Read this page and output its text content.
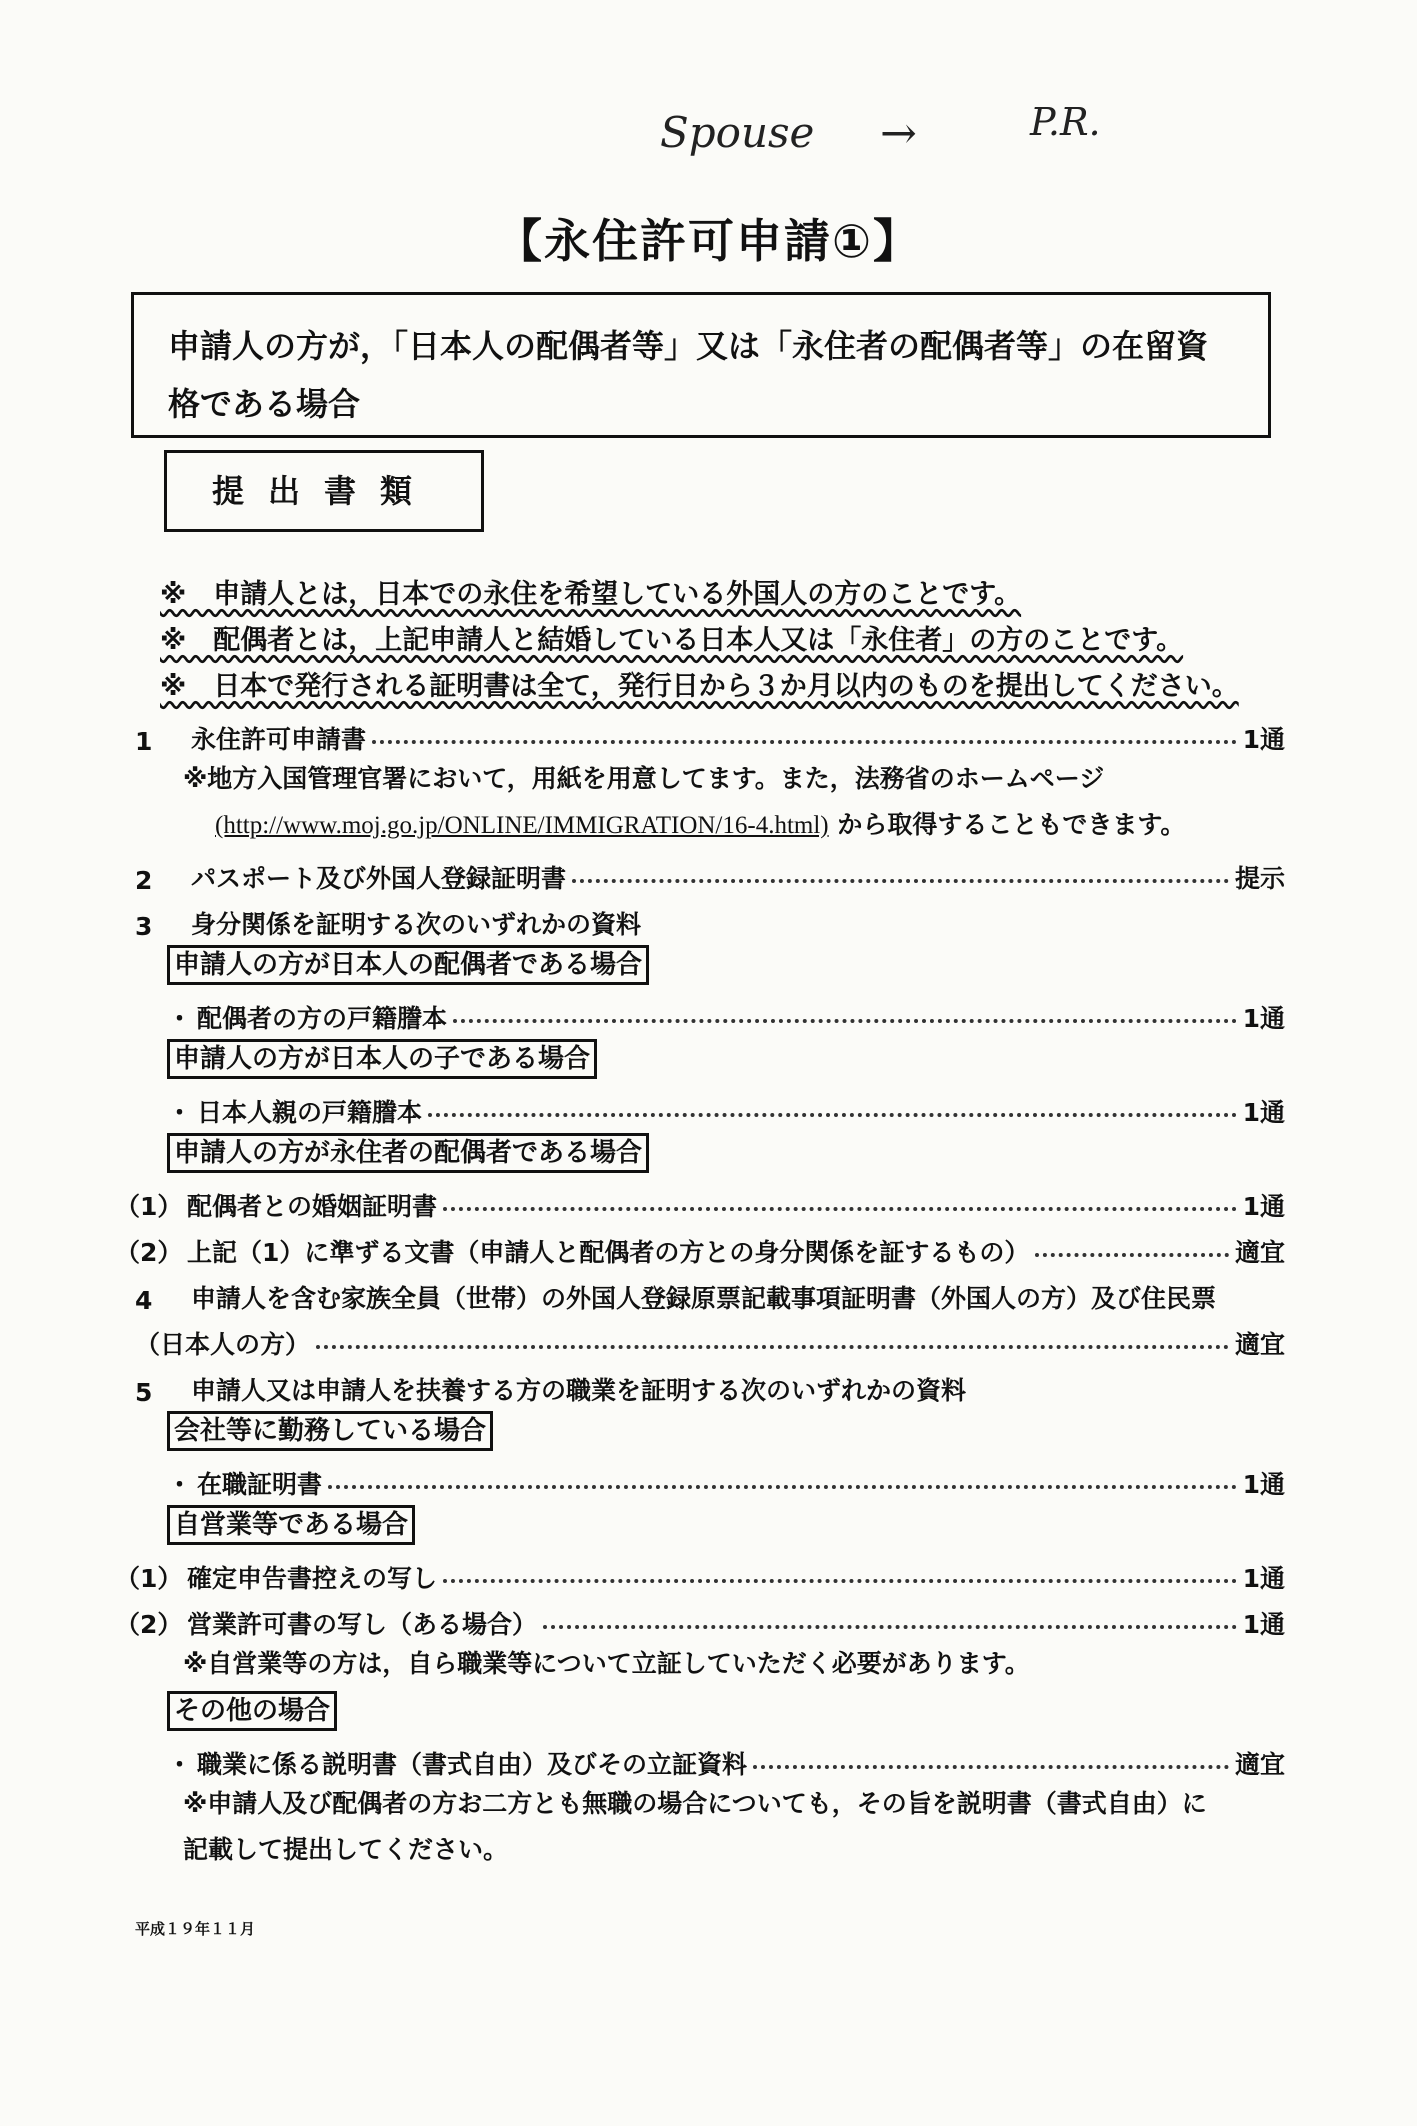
Spouse →	P.R.
【永住許可申請①】
申請人の方が，「日本人の配偶者等」又は「永住者の配偶者等」の在留資格である場合
提出書類
※　申請人とは，日本での永住を希望している外国人の方のことです。
※　配偶者とは，上記申請人と結婚している日本人又は「永住者」の方のことです。
※　日本で発行される証明書は全て，発行日から３か月以内のものを提出してください。
1	永住許可申請書	1通
※地方入国管理官署において，用紙を用意してます。また，法務省のホームページ
(http://www.moj.go.jp/ONLINE/IMMIGRATION/16-4.html) から取得することもできます。
2	パスポート及び外国人登録証明書	提示
3	身分関係を証明する次のいずれかの資料
申請人の方が日本人の配偶者である場合
・ 配偶者の方の戸籍謄本	1通
申請人の方が日本人の子である場合
・ 日本人親の戸籍謄本	1通
申請人の方が永住者の配偶者である場合
（1） 配偶者との婚姻証明書	1通
（2） 上記（1）に準ずる文書（申請人と配偶者の方との身分関係を証するもの）	適宜
4	申請人を含む家族全員（世帯）の外国人登録原票記載事項証明書（外国人の方）及び住民票
（日本人の方）	適宜
5	申請人又は申請人を扶養する方の職業を証明する次のいずれかの資料
会社等に勤務している場合
・ 在職証明書	1通
自営業等である場合
（1） 確定申告書控えの写し	1通
（2） 営業許可書の写し（ある場合）	1通
※自営業等の方は，自ら職業等について立証していただく必要があります。
その他の場合
・ 職業に係る説明書（書式自由）及びその立証資料	適宜
※申請人及び配偶者の方お二方とも無職の場合についても，その旨を説明書（書式自由）に
記載して提出してください。
平成１９年１１月
